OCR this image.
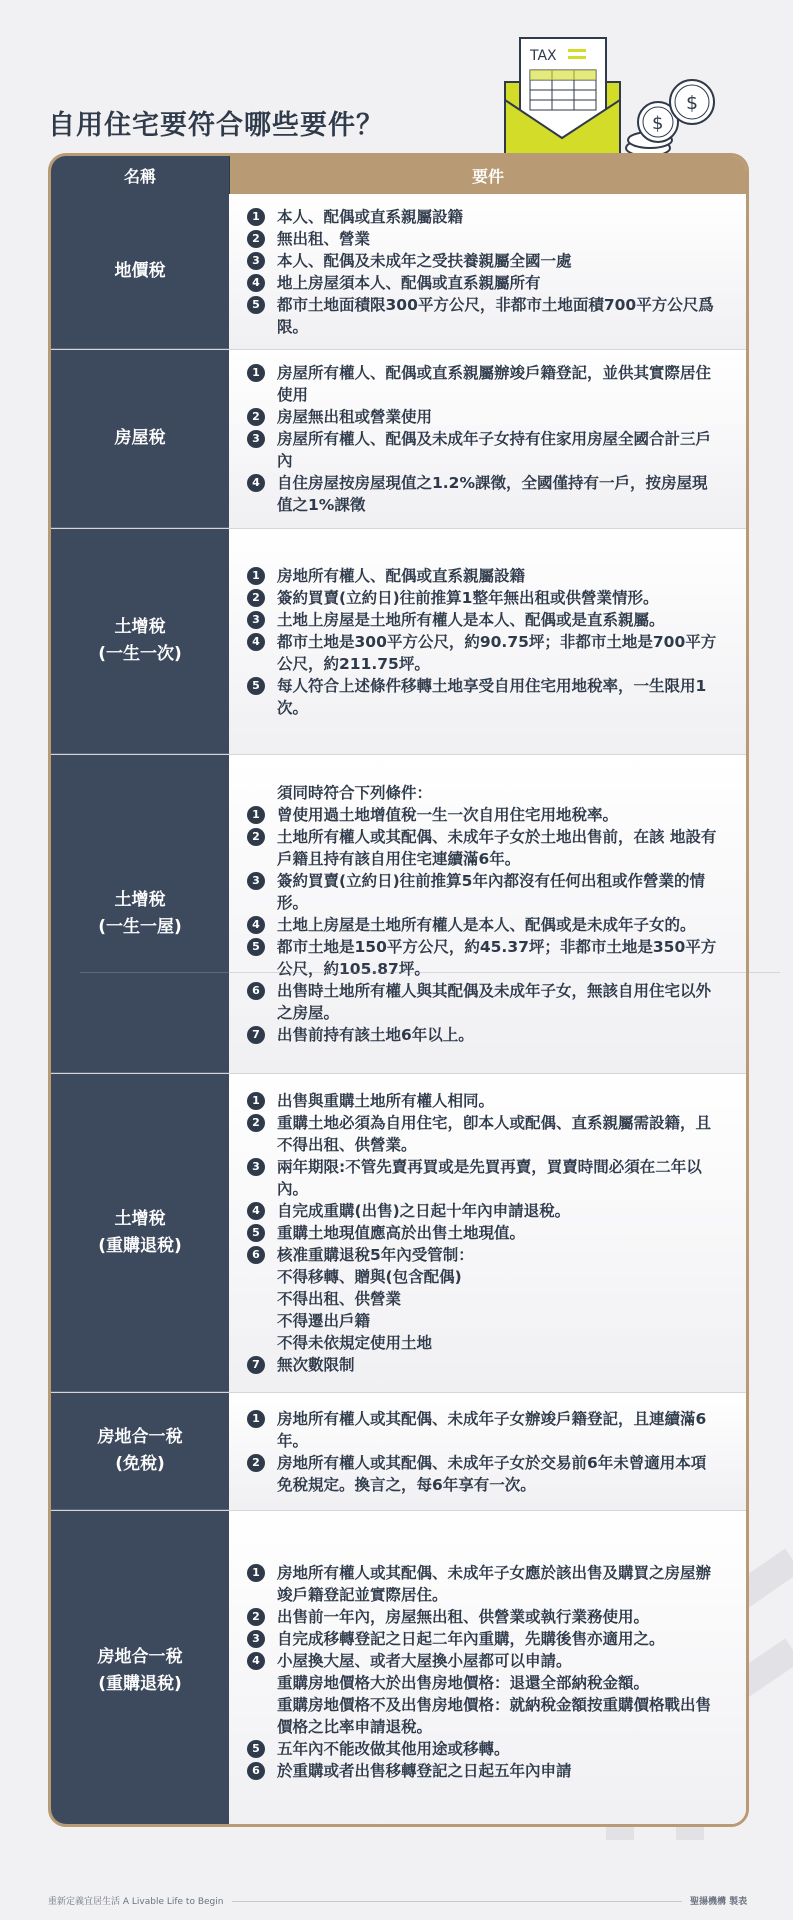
自用住宅要符合哪些要件？
TAX
$
$
名稱	要件
地價稅
1	本人、配偶或直系親屬設籍
2	無出租、營業
3	本人、配偶及未成年之受扶養親屬全國一處
4	地上房屋須本人、配偶或直系親屬所有
5	都市土地面積限300平方公尺，非都市土地面積700平方公尺爲限。
房屋稅
1	房屋所有權人、配偶或直系親屬辦竣戶籍登記，並供其實際居住使用
2	房屋無出租或營業使用
3	房屋所有權人、配偶及未成年子女持有住家用房屋全國合計三戶內
4	自住房屋按房屋現值之1.2%課徵，全國僅持有一戶，按房屋現值之1%課徵
土增稅
(一生一次)
1	房地所有權人、配偶或直系親屬設籍
2	簽約買賣(立約日)往前推算1整年無出租或供營業情形。
3	土地上房屋是土地所有權人是本人、配偶或是直系親屬。
4	都市土地是300平方公尺，約90.75坪；非都市土地是700平方公尺，約211.75坪。
5	每人符合上述條件移轉土地享受自用住宅用地稅率，一生限用1次。
土增稅
(一生一屋)
須同時符合下列條件：
1	曾使用過土地增值稅一生一次自用住宅用地稅率。
2	土地所有權人或其配偶、未成年子女於土地出售前，在該 地設有戶籍且持有該自用住宅連續滿6年。
3	簽約買賣(立約日)往前推算5年內都沒有任何出租或作營業的情形。
4	土地上房屋是土地所有權人是本人、配偶或是未成年子女的。
5	都市土地是150平方公尺，約45.37坪；非都市土地是350平方公尺，約105.87坪。
6	出售時土地所有權人與其配偶及未成年子女，無該自用住宅以外之房屋。
7	出售前持有該土地6年以上。
土增稅
(重購退稅)
1	出售與重購土地所有權人相同。
2	重購土地必須為自用住宅，卽本人或配偶、直系親屬需設籍，且不得出租、供營業。
3	兩年期限:不管先賣再買或是先買再賣，買賣時間必須在二年以內。
4	自完成重購(出售)之日起十年內申請退稅。
5	重購土地現值應高於出售土地現值。
6	核准重購退稅5年內受管制：
不得移轉、贈與(包含配偶)
不得出租、供營業
不得遷出戶籍
不得未依規定使用土地
7	無次數限制
房地合一稅
(免稅)
1	房地所有權人或其配偶、未成年子女辦竣戶籍登記，且連續滿6年。
2	房地所有權人或其配偶、未成年子女於交易前6年未曾適用本項免稅規定。換言之，每6年享有一次。
房地合一稅
(重購退稅)
1	房地所有權人或其配偶、未成年子女應於該出售及購買之房屋辦竣戶籍登記並實際居住。
2	出售前一年內，房屋無出租、供營業或執行業務使用。
3	自完成移轉登記之日起二年內重購，先購後售亦適用之。
4	小屋換大屋、或者大屋換小屋都可以申請。
重購房地價格大於出售房地價格：退還全部納稅金額。
重購房地價格不及出售房地價格：就納稅金額按重購價格戰出售價格之比率申請退稅。
5	五年內不能改做其他用途或移轉。
6	於重購或者出售移轉登記之日起五年內申請
重新定義宜居生活 A Livable Life to Begin	聖揚機構 製表
